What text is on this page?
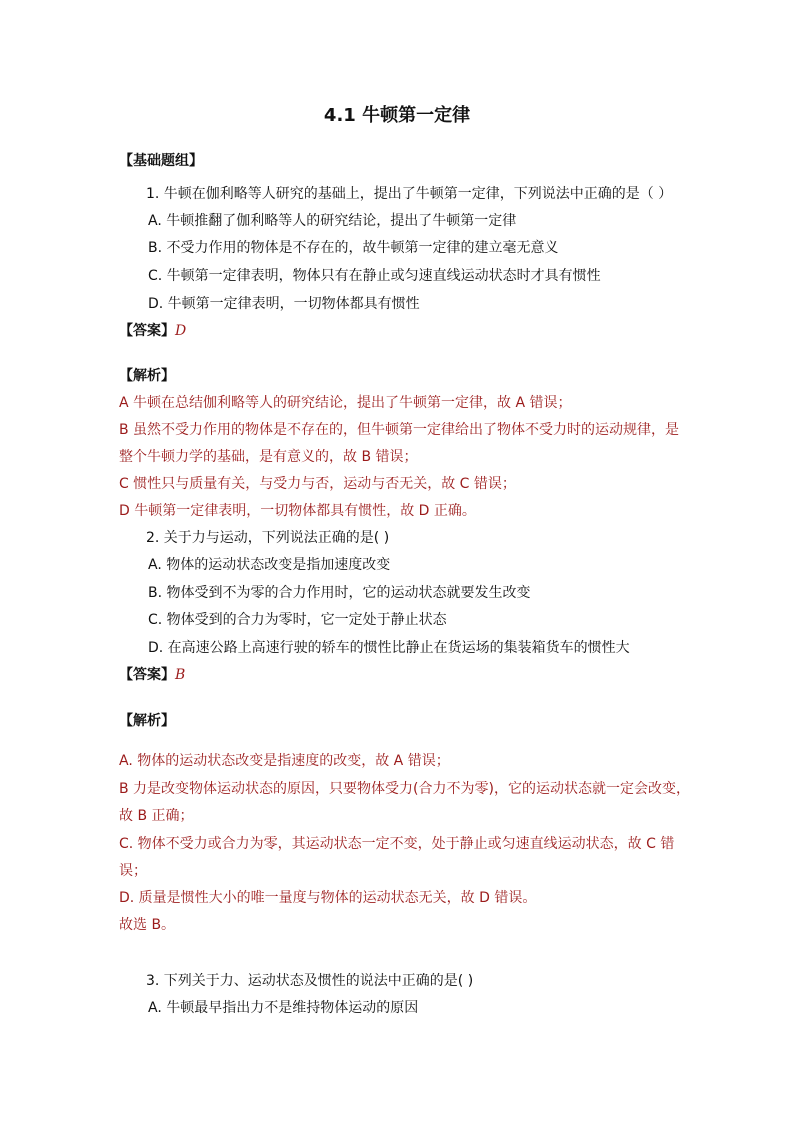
4.1 牛顿第一定律
【基础题组】
1. 牛顿在伽利略等人研究的基础上，提出了牛顿第一定律，下列说法中正确的是（ ）
A. 牛顿推翻了伽利略等人的研究结论，提出了牛顿第一定律
B. 不受力作用的物体是不存在的，故牛顿第一定律的建立毫无意义
C. 牛顿第一定律表明，物体只有在静止或匀速直线运动状态时才具有惯性
D. 牛顿第一定律表明，一切物体都具有惯性
【答案】D
【解析】
A 牛顿在总结伽利略等人的研究结论，提出了牛顿第一定律，故 A 错误；
B 虽然不受力作用的物体是不存在的，但牛顿第一定律给出了物体不受力时的运动规律，是
整个牛顿力学的基础，是有意义的，故 B 错误；
C 惯性只与质量有关，与受力与否，运动与否无关，故 C 错误；
D 牛顿第一定律表明，一切物体都具有惯性，故 D 正确。
2. 关于力与运动，下列说法正确的是( )
A. 物体的运动状态改变是指加速度改变
B. 物体受到不为零的合力作用时，它的运动状态就要发生改变
C. 物体受到的合力为零时，它一定处于静止状态
D. 在高速公路上高速行驶的轿车的惯性比静止在货运场的集装箱货车的惯性大
【答案】B
【解析】
A. 物体的运动状态改变是指速度的改变，故 A 错误；
B 力是改变物体运动状态的原因，只要物体受力(合力不为零)，它的运动状态就一定会改变，
故 B 正确；
C. 物体不受力或合力为零，其运动状态一定不变，处于静止或匀速直线运动状态，故 C 错
误；
D. 质量是惯性大小的唯一量度与物体的运动状态无关，故 D 错误。
故选 B。
3. 下列关于力、运动状态及惯性的说法中正确的是( )
A. 牛顿最早指出力不是维持物体运动的原因
